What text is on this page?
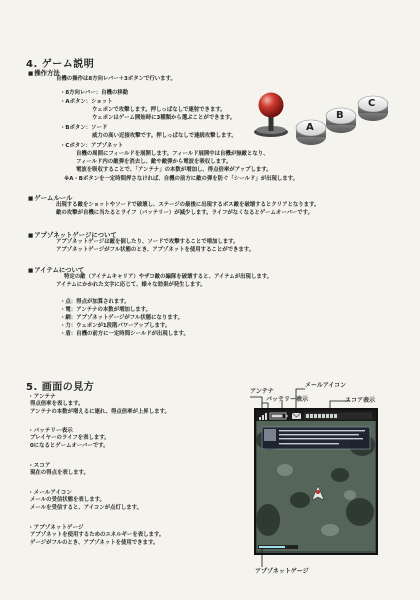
4. ゲーム説明
■ 操作方法
自機の操作は8方向レバー＋3ボタンで行います。
・8方向レバー：自機の移動
・Aボタン：ショット
ウェポンで攻撃します。押しっぱなしで連射できます。
ウェポンはゲーム開始時に3種類から選ぶことができます。
・Bボタン：ソード
威力の高い近接攻撃です。押しっぱなしで連続攻撃します。
・Cボタン：アプゾネット
自機の周囲にフィールドを展開します。フィールド展開中は自機が無敵となり、
フィールド内の敵弾を消去し、敵や敵弾から電波を吸収します。
電波を吸収することで、「アンテナ」の本数が増加し、得点倍率がアップします。
※A・Bボタンを一定時間押さなければ、自機の前方に敵の弾を防ぐ「シールド」が出現します。
■ ゲームルール
出現する敵をショットやソードで破壊し、ステージの最後に出現するボス敵を破壊するとクリアとなります。
敵の攻撃が自機に当たるとライフ（バッテリー）が減少します。ライフがなくなるとゲームオーバーです。
■ アプゾネットゲージについて
アプゾネットゲージは敵を倒したり、ソードで攻撃することで増加します。
アプゾネットゲージがフル状態のとき、アプゾネットを使用することができます。
■ アイテムについて
特定の敵（アイテムキャリア）やザコ敵の編隊を破壊すると、アイテムが出現します。
アイテムにかかれた文字に応じて、様々な効果が発生します。
・点：得点が加算されます。
・電：アンテナの本数が増加します。
・網：アプゾネットゲージがフル状態になります。
・力：ウェポンが1段階パワーアップします。
・盾：自機の前方に一定時間シールドが出現します。
A
B
C
5. 画面の見方
・アンテナ
得点倍率を表します。
アンテナの本数が増えるに連れ、得点倍率が上昇します。
・バッテリー表示
プレイヤーのライフを表します。
0になるとゲームオーバーです。
・スコア
現在の得点を表します。
・メールアイコン
メールの受信状態を表します。
メールを受信すると、アイコンが点灯します。
・アプゾネットゲージ
アプゾネットを使用するためのエネルギーを表します。
ゲージがフルのとき、アプゾネットを使用できます。
アンテナ
メールアイコン
バッテリー表示	スコア表示
アプゾネットゲージ
